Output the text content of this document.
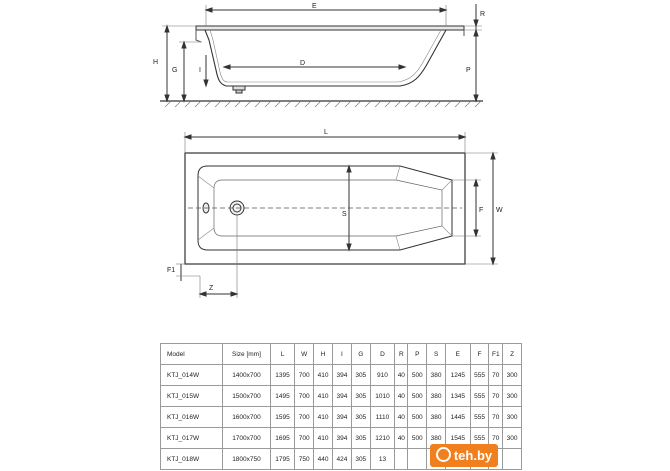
E
R
H
G	I
D
P
L
S
F W
F1
Z
Model	Size [mm]	L	W	H	I	G	D	R	P	S	E	F	F1	Z
KTJ_014W	1400x700	1395	700	410	394	305	910	40	500	380	1245	555	70	300
KTJ_015W	1500x700	1495	700	410	394	305	1010	40	500	380	1345	555	70	300
KTJ_016W	1600x700	1595	700	410	394	305	1110	40	500	380	1445	555	70	300
KTJ_017W	1700x700	1695	700	410	394	305	1210	40	500	380	1545	555	70	300
KTJ_018W	1800x750	1795	750	440	424	305	13								teh.by
